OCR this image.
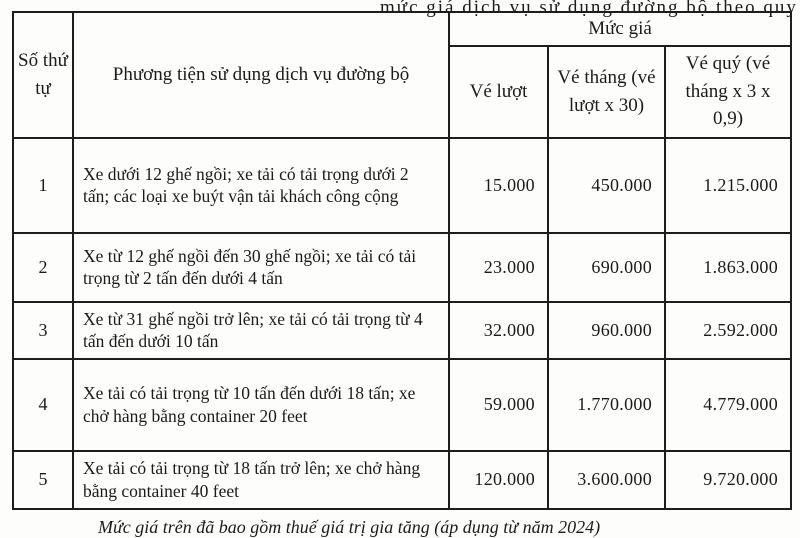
mức giá dịch vụ sử dụng đường bộ theo quy
Số thứ tự	Phương tiện sử dụng dịch vụ đường bộ	Mức giá		
		Vé lượt	Vé tháng (vé lượt x 30)	Vé quý (vé tháng x 3 x 0,9)
1	Xe dưới 12 ghế ngồi; xe tải có tải trọng dưới 2 tấn; các loại xe buýt vận tải khách công cộng	15.000	450.000	1.215.000
2	Xe từ 12 ghế ngồi đến 30 ghế ngồi; xe tải có tải trọng từ 2 tấn đến dưới 4 tấn	23.000	690.000	1.863.000
3	Xe từ 31 ghế ngồi trở lên; xe tải có tải trọng từ 4 tấn đến dưới 10 tấn	32.000	960.000	2.592.000
4	Xe tải có tải trọng từ 10 tấn đến dưới 18 tấn; xe chở hàng bằng container 20 feet	59.000	1.770.000	4.779.000
5	Xe tải có tải trọng từ 18 tấn trở lên; xe chở hàng bằng container 40 feet	120.000	3.600.000	9.720.000
Mức giá trên đã bao gồm thuế giá trị gia tăng (áp dụng từ năm 2024)
